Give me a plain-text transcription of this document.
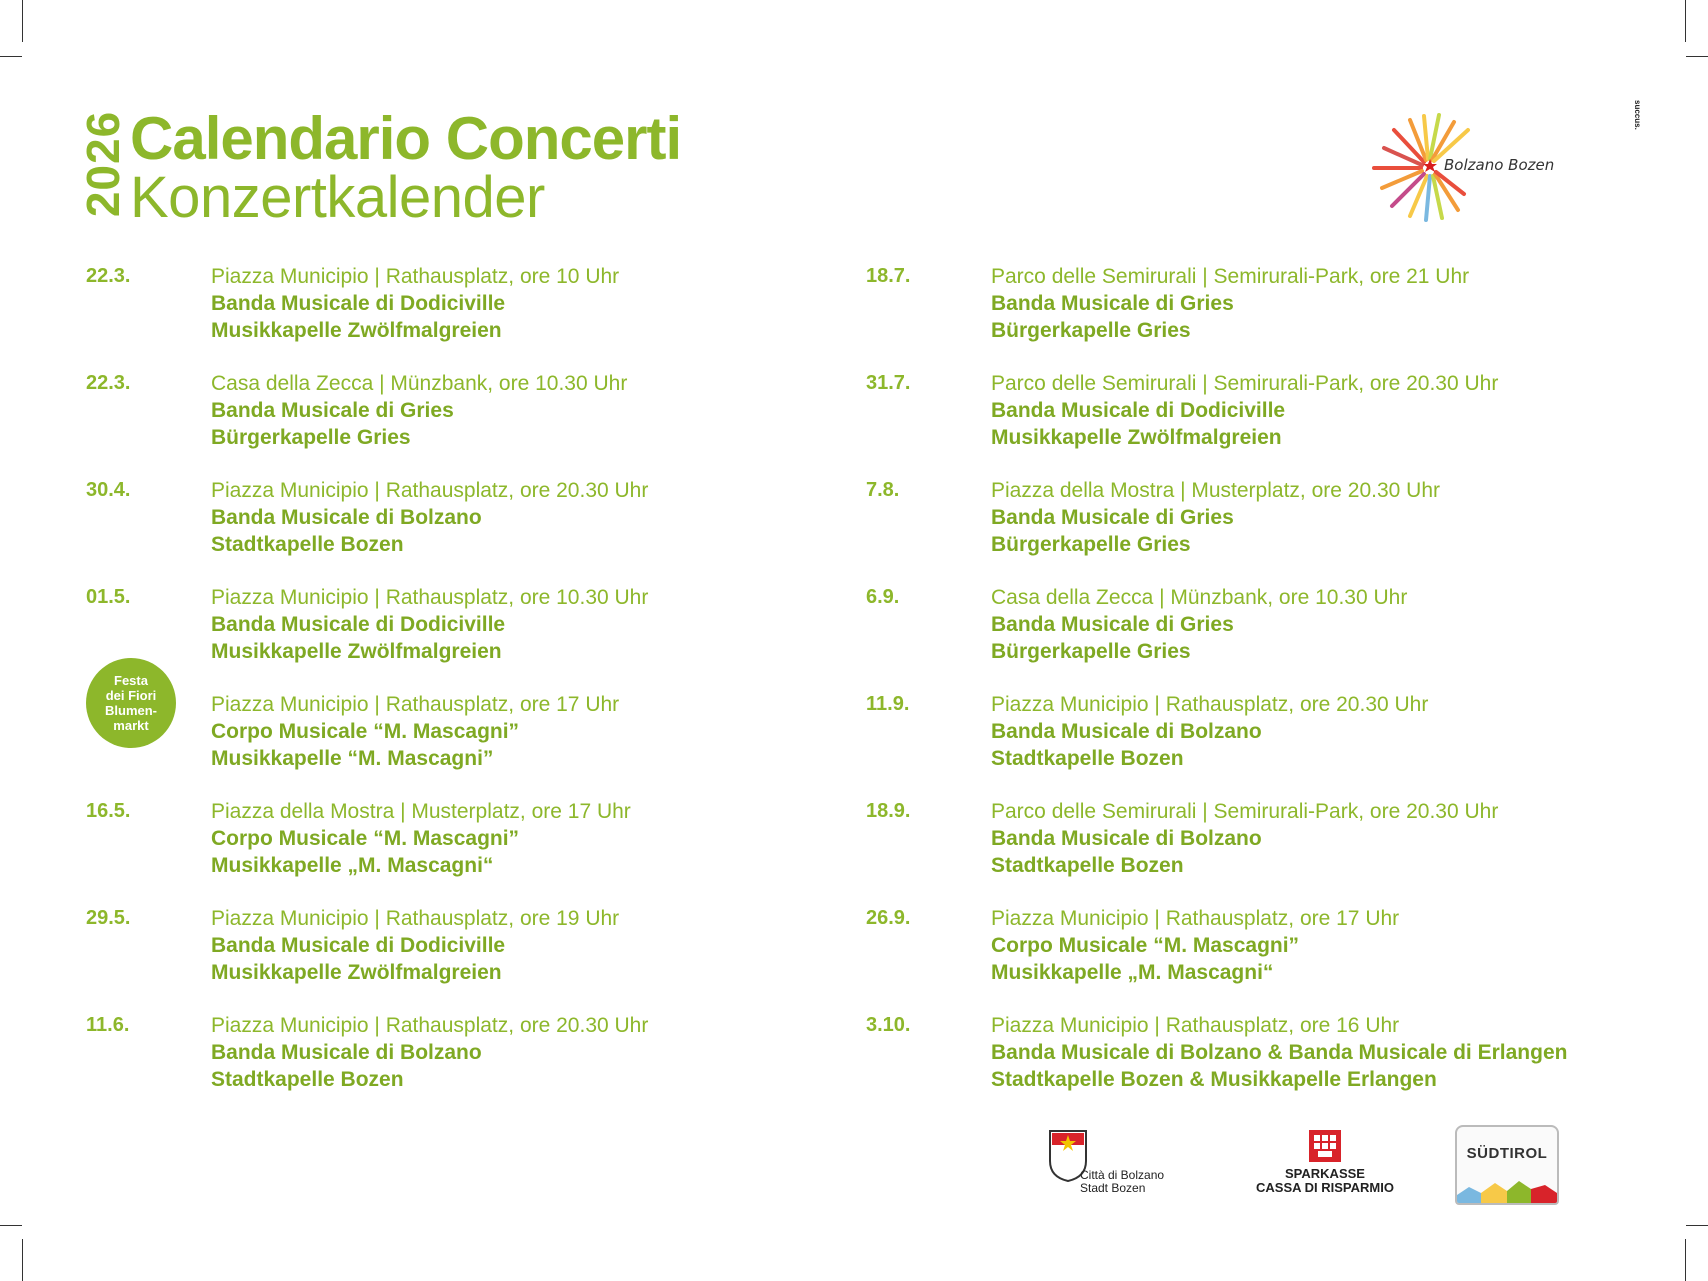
2026 Calendario Concerti
Konzertkalender	Bolzano Bozen
succus.
22.3.	Piazza Municipio | Rathausplatz, ore 10 Uhr
Banda Musicale di Dodiciville
Musikkapelle Zwölfmalgreien
22.3.	Casa della Zecca | Münzbank, ore 10.30 Uhr
Banda Musicale di Gries
Bürgerkapelle Gries
30.4.	Piazza Municipio | Rathausplatz, ore 20.30 Uhr
Banda Musicale di Bolzano
Stadtkapelle Bozen
01.5.	Piazza Municipio | Rathausplatz, ore 10.30 Uhr
Banda Musicale di Dodiciville
Musikkapelle Zwölfmalgreien
Piazza Municipio | Rathausplatz, ore 17 Uhr
Corpo Musicale “M. Mascagni”
Musikkapelle “M. Mascagni”
16.5.	Piazza della Mostra | Musterplatz, ore 17 Uhr
Corpo Musicale “M. Mascagni”
Musikkapelle „M. Mascagni“
29.5.	Piazza Municipio | Rathausplatz, ore 19 Uhr
Banda Musicale di Dodiciville
Musikkapelle Zwölfmalgreien
11.6.	Piazza Municipio | Rathausplatz, ore 20.30 Uhr
Banda Musicale di Bolzano
Stadtkapelle Bozen
Festa
dei Fiori
Blumen-
markt
18.7.	Parco delle Semirurali | Semirurali-Park, ore 21 Uhr
Banda Musicale di Gries
Bürgerkapelle Gries
31.7.	Parco delle Semirurali | Semirurali-Park, ore 20.30 Uhr
Banda Musicale di Dodiciville
Musikkapelle Zwölfmalgreien
7.8.	Piazza della Mostra | Musterplatz, ore 20.30 Uhr
Banda Musicale di Gries
Bürgerkapelle Gries
6.9.	Casa della Zecca | Münzbank, ore 10.30 Uhr
Banda Musicale di Gries
Bürgerkapelle Gries
11.9.	Piazza Municipio | Rathausplatz, ore 20.30 Uhr
Banda Musicale di Bolzano
Stadtkapelle Bozen
18.9.	Parco delle Semirurali | Semirurali-Park, ore 20.30 Uhr
Banda Musicale di Bolzano
Stadtkapelle Bozen
26.9.	Piazza Municipio | Rathausplatz, ore 17 Uhr
Corpo Musicale “M. Mascagni”
Musikkapelle „M. Mascagni“
3.10.	Piazza Municipio | Rathausplatz, ore 16 Uhr
Banda Musicale di Bolzano & Banda Musicale di Erlangen
Stadtkapelle Bozen & Musikkapelle Erlangen
Città di Bolzano
Stadt Bozen
SPARKASSE
CASSA DI RISPARMIO
SÜDTIROL
